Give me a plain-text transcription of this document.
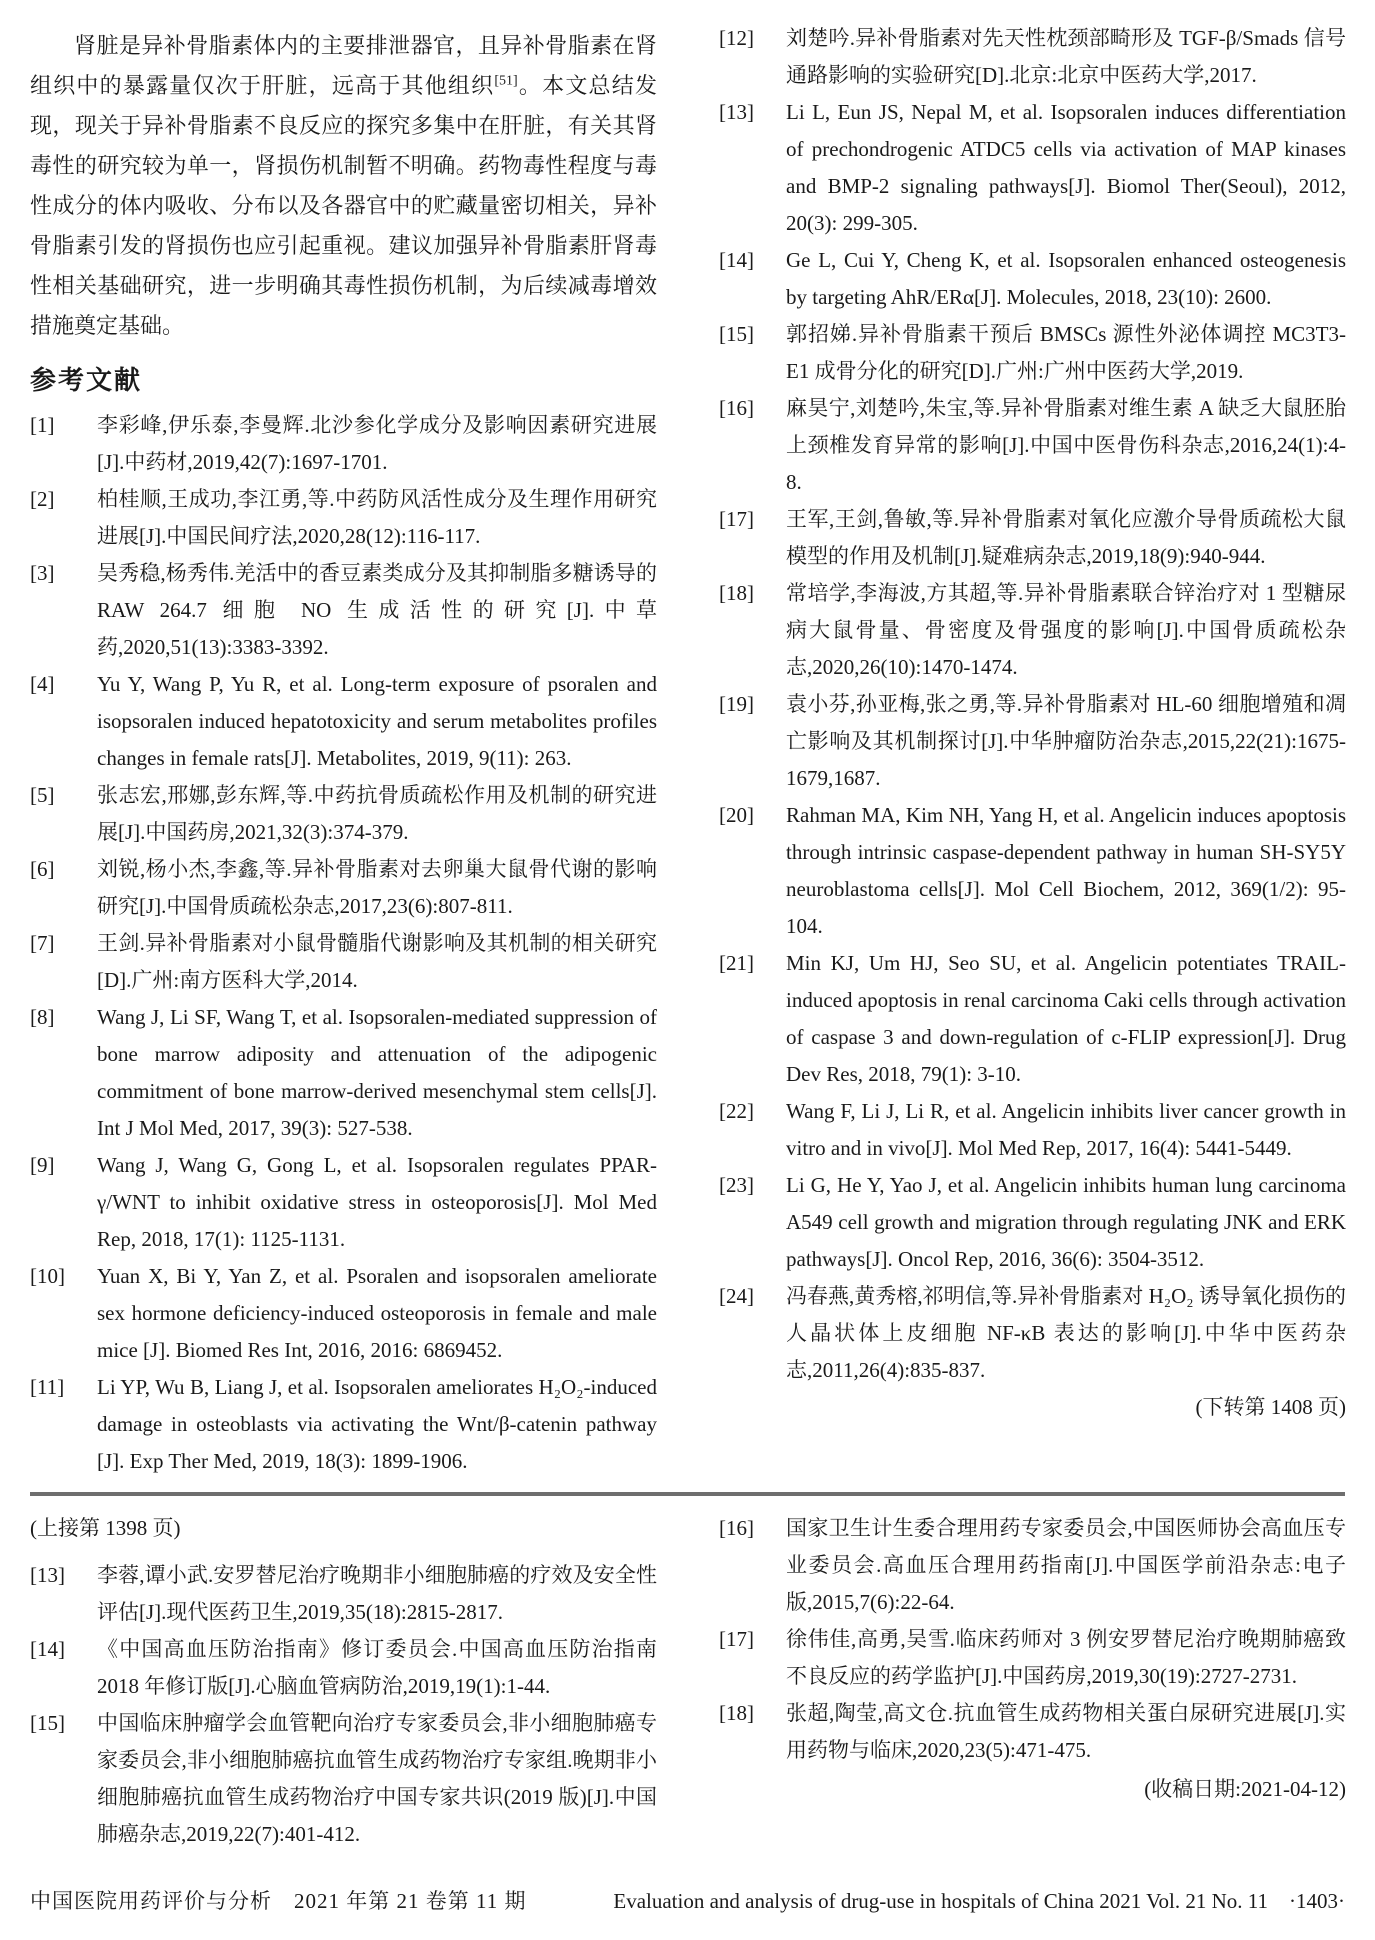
肾脏是异补骨脂素体内的主要排泄器官，且异补骨脂素在肾组织中的暴露量仅次于肝脏，远高于其他组织[51]。本文总结发现，现关于异补骨脂素不良反应的探究多集中在肝脏，有关其肾毒性的研究较为单一，肾损伤机制暂不明确。药物毒性程度与毒性成分的体内吸收、分布以及各器官中的贮藏量密切相关，异补骨脂素引发的肾损伤也应引起重视。建议加强异补骨脂素肝肾毒性相关基础研究，进一步明确其毒性损伤机制，为后续减毒增效措施奠定基础。

参考文献
[1]	李彩峰,伊乐泰,李曼辉.北沙参化学成分及影响因素研究进展[J].中药材,2019,42(7):1697-1701.
[2]	柏桂顺,王成功,李江勇,等.中药防风活性成分及生理作用研究进展[J].中国民间疗法,2020,28(12):116-117.
[3]	吴秀稳,杨秀伟.羌活中的香豆素类成分及其抑制脂多糖诱导的 RAW 264.7 细胞 NO 生成活性的研究[J].中草药,2020,51(13):3383-3392.
[4]	Yu Y, Wang P, Yu R, et al. Long-term exposure of psoralen and isopsoralen induced hepatotoxicity and serum metabolites profiles changes in female rats[J]. Metabolites, 2019, 9(11): 263.
[5]	张志宏,邢娜,彭东辉,等.中药抗骨质疏松作用及机制的研究进展[J].中国药房,2021,32(3):374-379.
[6]	刘锐,杨小杰,李鑫,等.异补骨脂素对去卵巢大鼠骨代谢的影响研究[J].中国骨质疏松杂志,2017,23(6):807-811.
[7]	王剑.异补骨脂素对小鼠骨髓脂代谢影响及其机制的相关研究[D].广州:南方医科大学,2014.
[8]	Wang J, Li SF, Wang T, et al. Isopsoralen-mediated suppression of bone marrow adiposity and attenuation of the adipogenic commitment of bone marrow-derived mesenchymal stem cells[J]. Int J Mol Med, 2017, 39(3): 527-538.
[9]	Wang J, Wang G, Gong L, et al. Isopsoralen regulates PPAR-γ/WNT to inhibit oxidative stress in osteoporosis[J]. Mol Med Rep, 2018, 17(1): 1125-1131.
[10]	Yuan X, Bi Y, Yan Z, et al. Psoralen and isopsoralen ameliorate sex hormone deficiency-induced osteoporosis in female and male mice [J]. Biomed Res Int, 2016, 2016: 6869452.
[11]	Li YP, Wu B, Liang J, et al. Isopsoralen ameliorates H₂O₂-induced damage in osteoblasts via activating the Wnt/β-catenin pathway [J]. Exp Ther Med, 2019, 18(3): 1899-1906.
[12]	刘楚吟.异补骨脂素对先天性枕颈部畸形及 TGF-β/Smads 信号通路影响的实验研究[D].北京:北京中医药大学,2017.
[13]	Li L, Eun JS, Nepal M, et al. Isopsoralen induces differentiation of prechondrogenic ATDC5 cells via activation of MAP kinases and BMP-2 signaling pathways[J]. Biomol Ther(Seoul), 2012, 20(3): 299-305.
[14]	Ge L, Cui Y, Cheng K, et al. Isopsoralen enhanced osteogenesis by targeting AhR/ERα[J]. Molecules, 2018, 23(10): 2600.
[15]	郭招娣.异补骨脂素干预后 BMSCs 源性外泌体调控 MC3T3-E1 成骨分化的研究[D].广州:广州中医药大学,2019.
[16]	麻昊宁,刘楚吟,朱宝,等.异补骨脂素对维生素 A 缺乏大鼠胚胎上颈椎发育异常的影响[J].中国中医骨伤科杂志,2016,24(1):4-8.
[17]	王军,王剑,鲁敏,等.异补骨脂素对氧化应激介导骨质疏松大鼠模型的作用及机制[J].疑难病杂志,2019,18(9):940-944.
[18]	常培学,李海波,方其超,等.异补骨脂素联合锌治疗对 1 型糖尿病大鼠骨量、骨密度及骨强度的影响[J].中国骨质疏松杂志,2020,26(10):1470-1474.
[19]	袁小芬,孙亚梅,张之勇,等.异补骨脂素对 HL-60 细胞增殖和凋亡影响及其机制探讨[J].中华肿瘤防治杂志,2015,22(21):1675-1679,1687.
[20]	Rahman MA, Kim NH, Yang H, et al. Angelicin induces apoptosis through intrinsic caspase-dependent pathway in human SH-SY5Y neuroblastoma cells[J]. Mol Cell Biochem, 2012, 369(1/2): 95-104.
[21]	Min KJ, Um HJ, Seo SU, et al. Angelicin potentiates TRAIL-induced apoptosis in renal carcinoma Caki cells through activation of caspase 3 and down-regulation of c-FLIP expression[J]. Drug Dev Res, 2018, 79(1): 3-10.
[22]	Wang F, Li J, Li R, et al. Angelicin inhibits liver cancer growth in vitro and in vivo[J]. Mol Med Rep, 2017, 16(4): 5441-5449.
[23]	Li G, He Y, Yao J, et al. Angelicin inhibits human lung carcinoma A549 cell growth and migration through regulating JNK and ERK pathways[J]. Oncol Rep, 2016, 36(6): 3504-3512.
[24]	冯春燕,黄秀榕,祁明信,等.异补骨脂素对 H₂O₂ 诱导氧化损伤的人晶状体上皮细胞 NF-κB 表达的影响[J].中华中医药杂志,2011,26(4):835-837.
(下转第 1408 页)
(上接第 1398 页)
[13]	李蓉,谭小武.安罗替尼治疗晚期非小细胞肺癌的疗效及安全性评估[J].现代医药卫生,2019,35(18):2815-2817.
[14]	《中国高血压防治指南》修订委员会.中国高血压防治指南 2018 年修订版[J].心脑血管病防治,2019,19(1):1-44.
[15]	中国临床肿瘤学会血管靶向治疗专家委员会,非小细胞肺癌专家委员会,非小细胞肺癌抗血管生成药物治疗专家组.晚期非小细胞肺癌抗血管生成药物治疗中国专家共识(2019 版)[J].中国肺癌杂志,2019,22(7):401-412.
[16]	国家卫生计生委合理用药专家委员会,中国医师协会高血压专业委员会.高血压合理用药指南[J].中国医学前沿杂志:电子版,2015,7(6):22-64.
[17]	徐伟佳,高勇,吴雪.临床药师对 3 例安罗替尼治疗晚期肺癌致不良反应的药学监护[J].中国药房,2019,30(19):2727-2731.
[18]	张超,陶莹,高文仓.抗血管生成药物相关蛋白尿研究进展[J].实用药物与临床,2020,23(5):471-475.
(收稿日期:2021-04-12)
中国医院用药评价与分析　2021 年第 21 卷第 11 期	Evaluation and analysis of drug-use in hospitals of China 2021 Vol. 21 No. 11　·1403·
